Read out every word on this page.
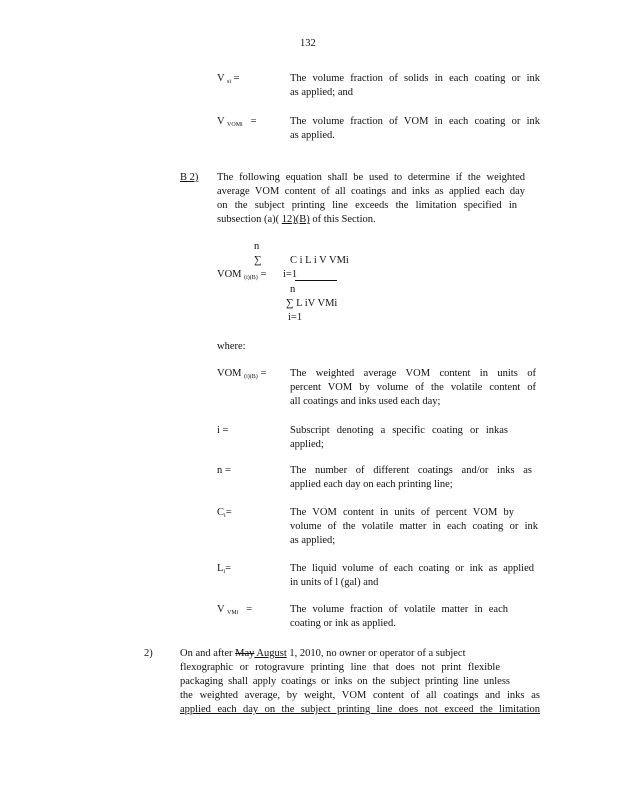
132
V $_{si}$ =	The volume fraction of solids in each coating or ink
as applied; and
V $_{VOMi}$ =	The volume fraction of VOM in each coating or ink
as applied.
B 2) The following equation shall be used to determine if the weighted
average VOM content of all coatings and inks as applied each day
on the subject printing line exceeds the limitation specified in
subsection (a)( 12)(B) of this Section.
n
∑	C i L i V VMi
VOM $_{(i)(B)}$ = i=1
n
∑ L iV VMi
i=1
where:
VOM $_{(i)(B)}$ = The weighted average VOM content in units of
percent VOM by volume of the volatile content of
all coatings and inks used each day;
i =	Subscript denoting a specific coating or inkas
applied;
n =	The number of different coatings and/or inks as
applied each day on each printing line;
$C_i=$	The VOM content in units of percent VOM by
volume of the volatile matter in each coating or ink
as applied;
$L_i=$	The liquid volume of each coating or ink as applied
in units of l (gal) and
V $_{VMi}$ =	The volume fraction of volatile matter in each
coating or ink as applied.
2)	On and after May August 1, 2010, no owner or operator of a subject
flexographic or rotogravure printing line that does not print flexible
packaging shall apply coatings or inks on the subject printing line unless
the weighted average, by weight, VOM content of all coatings and inks as
applied each day on the subject printing line does not exceed the limitation
